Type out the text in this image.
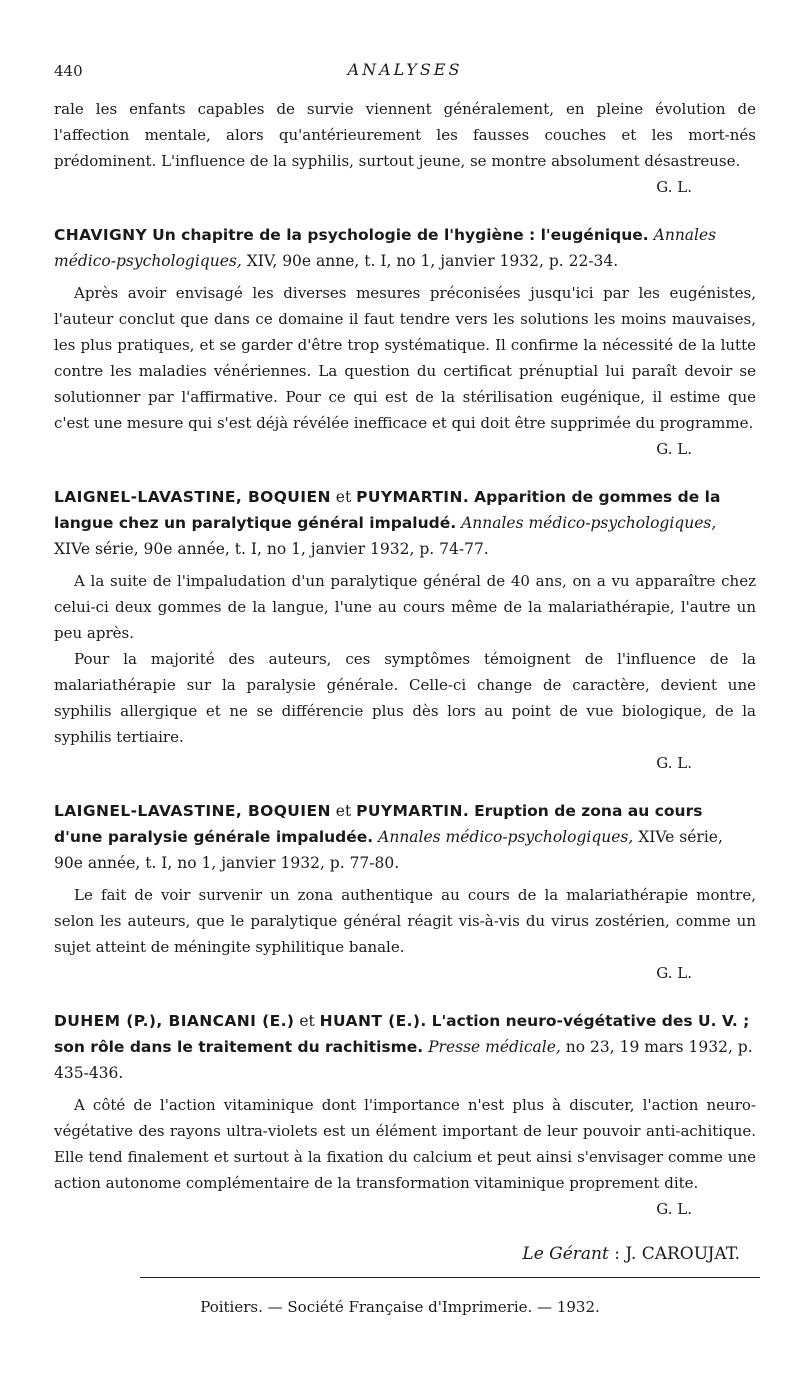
440	ANALYSES

rale les enfants capables de survie viennent généralement, en pleine évolution de l'affection mentale, alors qu'antérieurement les fausses couches et les mort-nés prédominent. L'influence de la syphilis, surtout jeune, se montre absolument désastreuse.

G. L.
CHAVIGNY Un chapitre de la psychologie de l'hygiène : l'eugénique. Annales médico-psychologiques, XIV, 90e anne, t. I, no 1, janvier 1932, p. 22-34.

Après avoir envisagé les diverses mesures préconisées jusqu'ici par les eugénistes, l'auteur conclut que dans ce domaine il faut tendre vers les solutions les moins mauvaises, les plus pratiques, et se garder d'être trop systématique. Il confirme la nécessité de la lutte contre les maladies vénériennes. La question du certificat prénuptial lui paraît devoir se solutionner par l'affirmative. Pour ce qui est de la stérilisation eugénique, il estime que c'est une mesure qui s'est déjà révélée inefficace et qui doit être supprimée du programme.

G. L.
LAIGNEL-LAVASTINE, BOQUIEN et PUYMARTIN. Apparition de gommes de la langue chez un paralytique général impaludé. Annales médico-psychologiques, XIVe série, 90e année, t. I, no 1, janvier 1932, p. 74-77.

A la suite de l'impaludation d'un paralytique général de 40 ans, on a vu apparaître chez celui-ci deux gommes de la langue, l'une au cours même de la malariathérapie, l'autre un peu après.

Pour la majorité des auteurs, ces symptômes témoignent de l'influence de la malariathérapie sur la paralysie générale. Celle-ci change de caractère, devient une syphilis allergique et ne se différencie plus dès lors au point de vue biologique, de la syphilis tertiaire.

G. L.
LAIGNEL-LAVASTINE, BOQUIEN et PUYMARTIN. Eruption de zona au cours d'une paralysie générale impaludée. Annales médico-psychologiques, XIVe série, 90e année, t. I, no 1, janvier 1932, p. 77-80.

Le fait de voir survenir un zona authentique au cours de la malariathérapie montre, selon les auteurs, que le paralytique général réagit vis-à-vis du virus zostérien, comme un sujet atteint de méningite syphilitique banale.

G. L.
DUHEM (P.), BIANCANI (E.) et HUANT (E.). L'action neuro-végétative des U. V. ; son rôle dans le traitement du rachitisme. Presse médicale, no 23, 19 mars 1932, p. 435-436.

A côté de l'action vitaminique dont l'importance n'est plus à discuter, l'action neuro-végétative des rayons ultra-violets est un élément important de leur pouvoir anti-achitique. Elle tend finalement et surtout à la fixation du calcium et peut ainsi s'envisager comme une action autonome complémentaire de la transformation vitaminique proprement dite.

G. L.
Le Gérant : J. CAROUJAT.
Poitiers. — Société Française d'Imprimerie. — 1932.
